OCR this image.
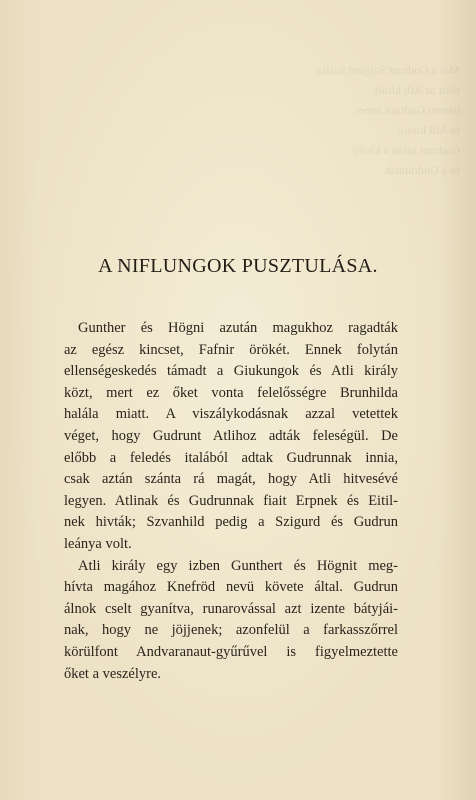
Már a Gudrunt Szigurd halála
előtt az Atli király
hanem Gudrunt ismét
és Atli király
Gudrunt aztán a király
és a Gudrunnak

A NIFLUNGOK PUSZTULÁSA.
Gunther és Högni azután magukhoz ragadták
az egész kincset, Fafnir örökét. Ennek folytán
ellenségeskedés támadt a Giukungok és Atli király
közt, mert ez őket vonta felelősségre Brunhilda
halála miatt. A viszálykodásnak azzal vetettek
véget, hogy Gudrunt Atlihoz adták feleségül. De
előbb a feledés italából adtak Gudrunnak innia,
csak aztán szánta rá magát, hogy Atli hitvesévé
legyen. Atlinak és Gudrunnak fiait Erpnek és Eitil-
nek hivták; Szvanhild pedig a Szigurd és Gudrun
leánya volt.
Atli király egy izben Gunthert és Högnit meg-
hívta magához Knefröd nevü követe által. Gudrun
álnok cselt gyanítva, runarovással azt izente bátyjái-
nak, hogy ne jöjjenek; azonfelül a farkasszőrrel
körülfont Andvaranaut-gyűrűvel is figyelmeztette
őket a veszélyre.
